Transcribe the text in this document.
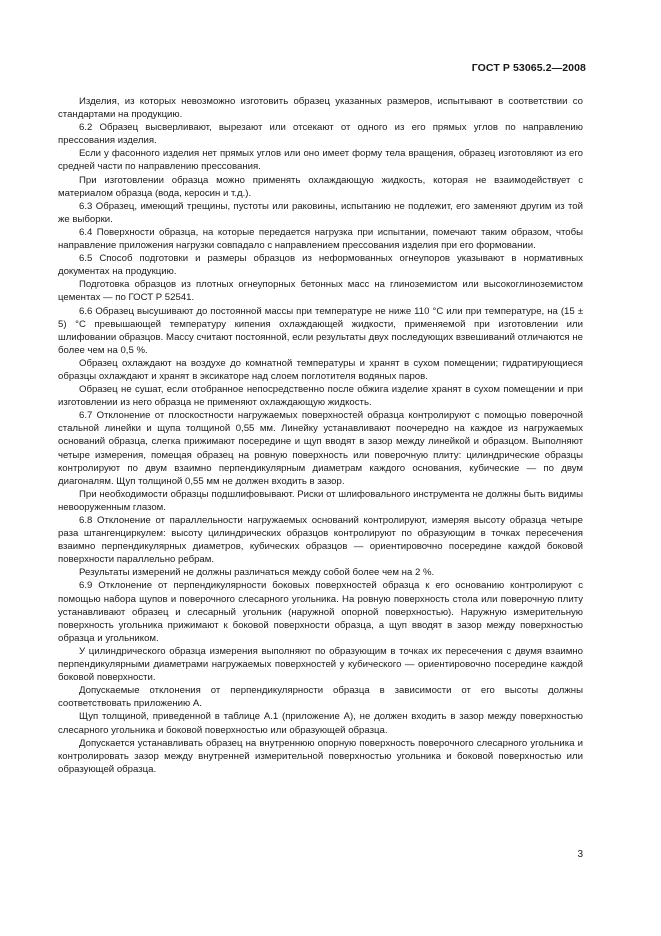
ГОСТ Р 53065.2—2008

Изделия, из которых невозможно изготовить образец указанных размеров, испытывают в соответствии со стандартами на продукцию.

6.2 Образец высверливают, вырезают или отсекают от одного из его прямых углов по направлению прессования изделия.

Если у фасонного изделия нет прямых углов или оно имеет форму тела вращения, образец изготовляют из его средней части по направлению прессования.

При изготовлении образца можно применять охлаждающую жидкость, которая не взаимодействует с материалом образца (вода, керосин и т.д.).

6.3 Образец, имеющий трещины, пустоты или раковины, испытанию не подлежит, его заменяют другим из той же выборки.

6.4 Поверхности образца, на которые передается нагрузка при испытании, помечают таким образом, чтобы направление приложения нагрузки совпадало с направлением прессования изделия при его формовании.

6.5 Способ подготовки и размеры образцов из неформованных огнеупоров указывают в нормативных документах на продукцию.

Подготовка образцов из плотных огнеупорных бетонных масс на глиноземистом или высокоглиноземистом цементах — по ГОСТ Р 52541.

6.6 Образец высушивают до постоянной массы при температуре не ниже 110 °С или при температуре, на (15 ± 5) °С превышающей температуру кипения охлаждающей жидкости, применяемой при изготовлении или шлифовании образцов. Массу считают постоянной, если результаты двух последующих взвешиваний отличаются не более чем на 0,5 %.

Образец охлаждают на воздухе до комнатной температуры и хранят в сухом помещении; гидратирующиеся образцы охлаждают и хранят в эксикаторе над слоем поглотителя водяных паров.

Образец не сушат, если отобранное непосредственно после обжига изделие хранят в сухом помещении и при изготовлении из него образца не применяют охлаждающую жидкость.

6.7 Отклонение от плоскостности нагружаемых поверхностей образца контролируют с помощью поверочной стальной линейки и щупа толщиной 0,55 мм. Линейку устанавливают поочередно на каждое из нагружаемых оснований образца, слегка прижимают посередине и щуп вводят в зазор между линейкой и образцом. Выполняют четыре измерения, помещая образец на ровную поверхность или поверочную плиту: цилиндрические образцы контролируют по двум взаимно перпендикулярным диаметрам каждого основания, кубические — по двум диагоналям. Щуп толщиной 0,55 мм не должен входить в зазор.

При необходимости образцы подшлифовывают. Риски от шлифовального инструмента не должны быть видимы невооруженным глазом.

6.8 Отклонение от параллельности нагружаемых оснований контролируют, измеряя высоту образца четыре раза штангенциркулем: высоту цилиндрических образцов контролируют по образующим в точках пересечения взаимно перпендикулярных диаметров, кубических образцов — ориентировочно посередине каждой боковой поверхности параллельно ребрам.

Результаты измерений не должны различаться между собой более чем на 2 %.

6.9 Отклонение от перпендикулярности боковых поверхностей образца к его основанию контролируют с помощью набора щупов и поверочного слесарного угольника. На ровную поверхность стола или поверочную плиту устанавливают образец и слесарный угольник (наружной опорной поверхностью). Наружную измерительную поверхность угольника прижимают к боковой поверхности образца, а щуп вводят в зазор между поверхностью образца и угольником.

У цилиндрического образца измерения выполняют по образующим в точках их пересечения с двумя взаимно перпендикулярными диаметрами нагружаемых поверхностей у кубического — ориентировочно посередине каждой боковой поверхности.

Допускаемые отклонения от перпендикулярности образца в зависимости от его высоты должны соответствовать приложению А.

Щуп толщиной, приведенной в таблице А.1 (приложение А), не должен входить в зазор между поверхностью слесарного угольника и боковой поверхностью или образующей образца.

Допускается устанавливать образец на внутреннюю опорную поверхность поверочного слесарного угольника и контролировать зазор между внутренней измерительной поверхностью угольника и боковой поверхностью или образующей образца.

3
